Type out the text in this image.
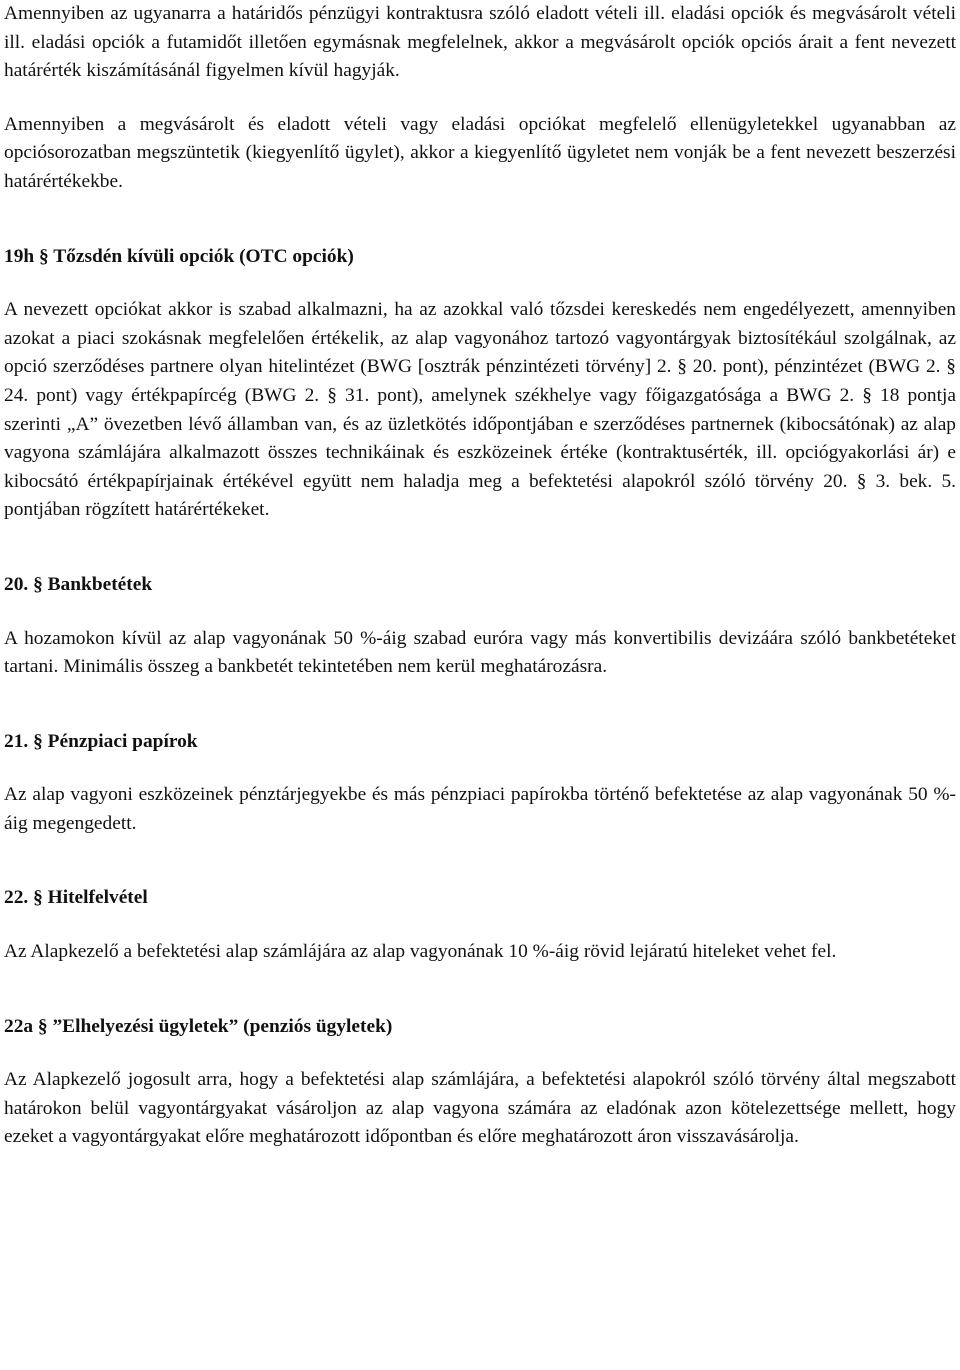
Amennyiben az ugyanarra a határidős pénzügyi kontraktusra szóló eladott vételi ill. eladási opciók és megvásárolt vételi ill. eladási opciók a futamidőt illetően egymásnak megfelelnek, akkor a megvásárolt opciók opciós árait a fent nevezett határérték kiszámításánál figyelmen kívül hagyják.

Amennyiben a megvásárolt és eladott vételi vagy eladási opciókat megfelelő ellenügyletekkel ugyanabban az opciósorozatban megszüntetik (kiegyenlítő ügylet), akkor a kiegyenlítő ügyletet nem vonják be a fent nevezett beszerzési határértékekbe.

19h § Tőzsdén kívüli opciók (OTC opciók)

A nevezett opciókat akkor is szabad alkalmazni, ha az azokkal való tőzsdei kereskedés nem engedélyezett, amennyiben azokat a piaci szokásnak megfelelően értékelik, az alap vagyonához tartozó vagyontárgyak biztosítékául szolgálnak, az opció szerződéses partnere olyan hitelintézet (BWG [osztrák pénzintézeti törvény] 2. § 20. pont), pénzintézet (BWG 2. § 24. pont) vagy értékpapírcég (BWG 2. § 31. pont), amelynek székhelye vagy főigazgatósága a BWG 2. § 18 pontja szerinti „A” övezetben lévő államban van, és az üzletkötés időpontjában e szerződéses partnernek (kibocsátónak) az alap vagyona számlájára alkalmazott összes technikáinak és eszközeinek értéke (kontraktusérték, ill. opciógyakorlási ár) e kibocsátó értékpapírjainak értékével együtt nem haladja meg a befektetési alapokról szóló törvény 20. § 3. bek. 5. pontjában rögzített határértékeket.

20. § Bankbetétek

A hozamokon kívül az alap vagyonának 50 %-áig szabad euróra vagy más konvertibilis devizáára szóló bankbetéteket tartani. Minimális összeg a bankbetét tekintetében nem kerül meghatározásra.

21. § Pénzpiaci papírok

Az alap vagyoni eszközeinek pénztárjegyekbe és más pénzpiaci papírokba történő befektetése az alap vagyonának 50 %-áig megengedett.

22. § Hitelfelvétel

Az Alapkezelő a befektetési alap számlájára az alap vagyonának 10 %-áig rövid lejáratú hiteleket vehet fel.

22a § ”Elhelyezési ügyletek” (penziós ügyletek)

Az Alapkezelő jogosult arra, hogy a befektetési alap számlájára, a befektetési alapokról szóló törvény által megszabott határokon belül vagyontárgyakat vásároljon az alap vagyona számára az eladónak azon kötelezettsége mellett, hogy ezeket a vagyontárgyakat előre meghatározott időpontban és előre meghatározott áron visszavásárolja.
